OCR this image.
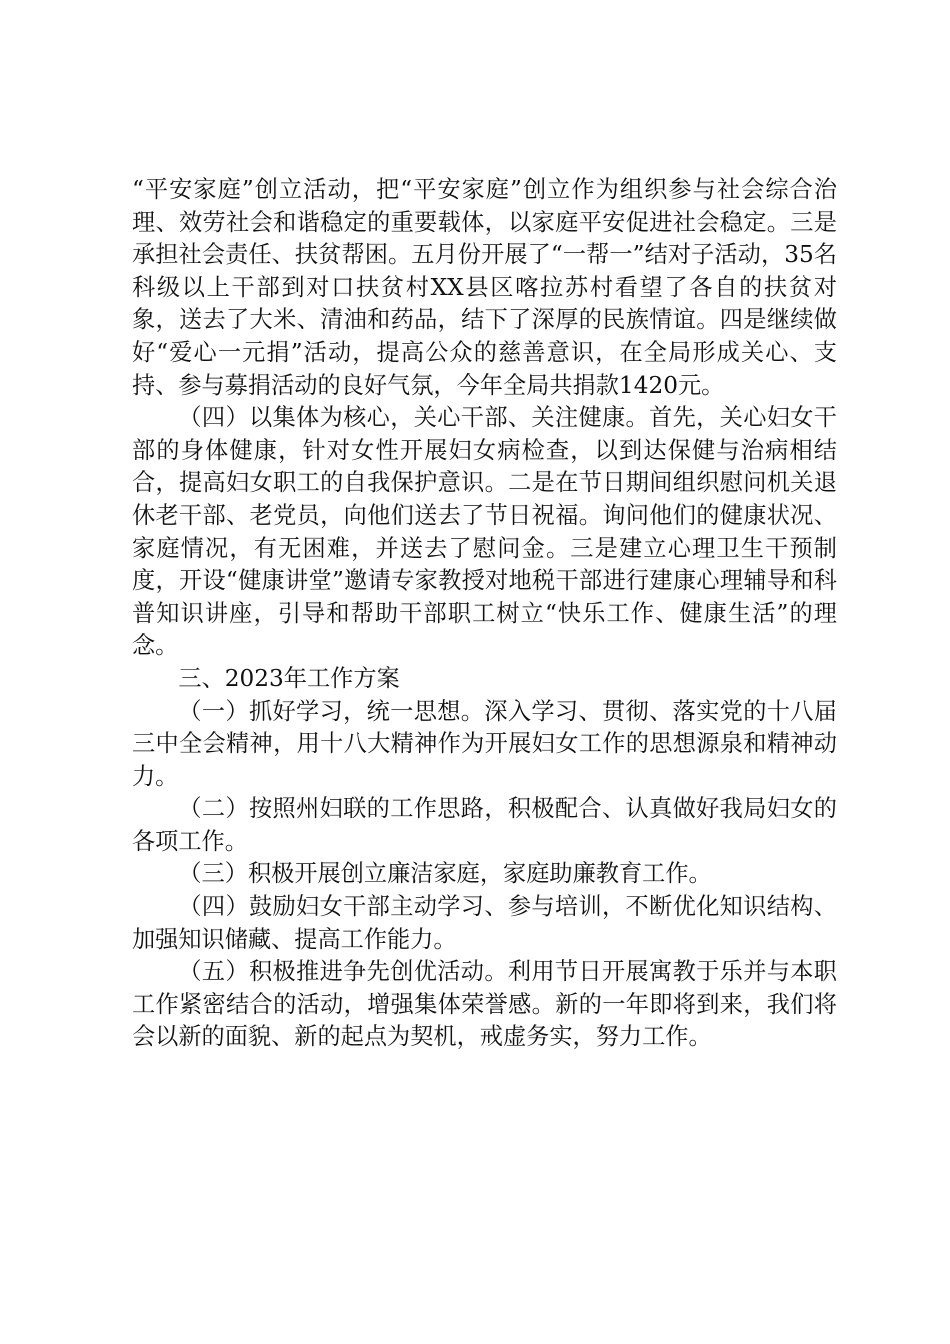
“平安家庭”创立活动，把“平安家庭”创立作为组织参与社会综合治理、效劳社会和谐稳定的重要载体，以家庭平安促进社会稳定。三是承担社会责任、扶贫帮困。五月份开展了“一帮一”结对子活动，35名科级以上干部到对口扶贫村XX县区喀拉苏村看望了各自的扶贫对象，送去了大米、清油和药品，结下了深厚的民族情谊。四是继续做好“爱心一元捐”活动，提高公众的慈善意识，在全局形成关心、支持、参与募捐活动的良好气氛，今年全局共捐款1420元。

（四）以集体为核心，关心干部、关注健康。首先，关心妇女干部的身体健康，针对女性开展妇女病检查，以到达保健与治病相结合，提高妇女职工的自我保护意识。二是在节日期间组织慰问机关退休老干部、老党员，向他们送去了节日祝福。询问他们的健康状况、家庭情况，有无困难，并送去了慰问金。三是建立心理卫生干预制度，开设“健康讲堂”邀请专家教授对地税干部进行建康心理辅导和科普知识讲座，引导和帮助干部职工树立“快乐工作、健康生活”的理念。

三、2023年工作方案

（一）抓好学习，统一思想。深入学习、贯彻、落实党的十八届三中全会精神，用十八大精神作为开展妇女工作的思想源泉和精神动力。

（二）按照州妇联的工作思路，积极配合、认真做好我局妇女的各项工作。

（三）积极开展创立廉洁家庭，家庭助廉教育工作。

（四）鼓励妇女干部主动学习、参与培训，不断优化知识结构、加强知识储藏、提高工作能力。

（五）积极推进争先创优活动。利用节日开展寓教于乐并与本职工作紧密结合的活动，增强集体荣誉感。新的一年即将到来，我们将会以新的面貌、新的起点为契机，戒虚务实，努力工作。
